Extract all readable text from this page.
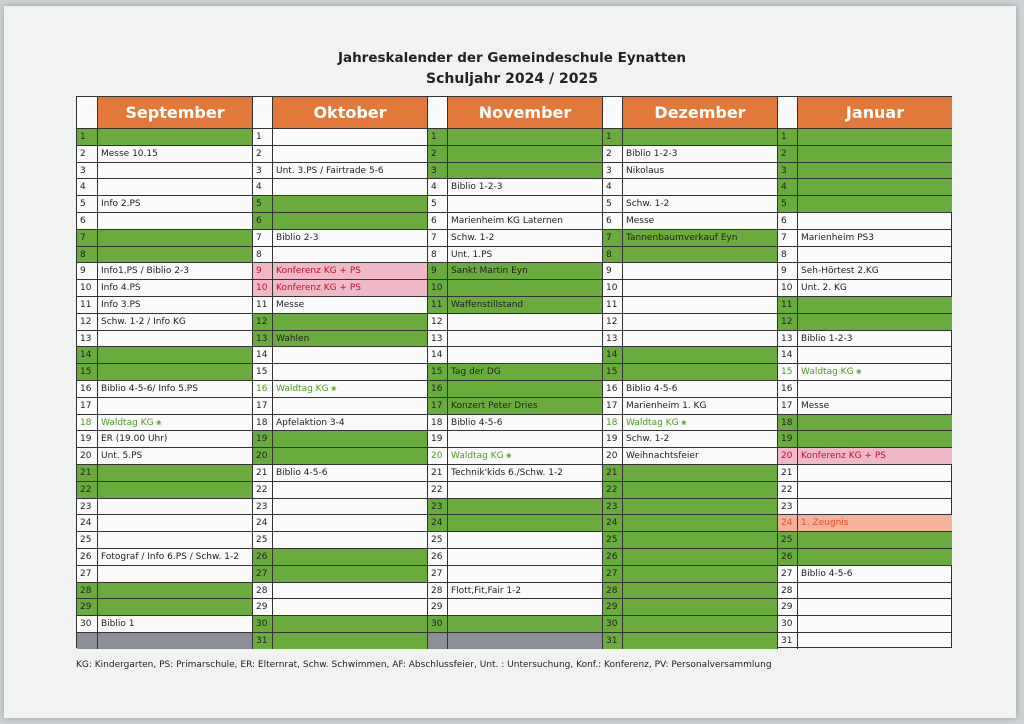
Jahreskalender der Gemeindeschule Eynatten
Schuljahr 2024 / 2025
September
1
2	Messe 10.15
3
4
5	Info 2.PS
6
7
8
9	Info1.PS / Biblio 2-3
10	Info 4.PS
11	Info 3.PS
12	Schw. 1-2 / Info KG
13
14
15
16	Biblio 4-5-6/ Info 5.PS
17
18	Waldtag KG ❀
19	ER (19.00 Uhr)
20	Unt. 5.PS
21
22
23
24
25
26	Fotograf / Info 6.PS / Schw. 1-2
27
28
29
30	Biblio 1
Oktober
1
2
3	Unt. 3.PS / Fairtrade 5-6
4
5
6
7	Biblio 2-3
8
9	Konferenz KG + PS
10 Konferenz KG + PS
11 Messe
12
13 Wahlen
14
15
16 Waldtag KG ❀
17
18 Apfelaktion 3-4
19
20
21 Biblio 4-5-6
22
23
24
25
26
27
28
29
30
31
November
1
2
3
4	Biblio 1-2-3
5
6	Marienheim KG Laternen
7	Schw. 1-2
8	Unt. 1.PS
9	Sankt Martin Eyn
10
11 Waffenstillstand
12
13
14
15 Tag der DG
16
17 Konzert Peter Dries
18 Biblio 4-5-6
19
20 Waldtag KG ❀
21 Technik'kids 6./Schw. 1-2
22
23
24
25
26
27
28 Flott,Fit,Fair 1-2
29
30
Dezember
1
2	Biblio 1-2-3
3	Nikolaus
4
5	Schw. 1-2
6	Messe
7	Tannenbaumverkauf Eyn
8
9
10
11
12
13
14
15
16 Biblio 4-5-6
17 Marienheim 1. KG
18 Waldtag KG ❀
19 Schw. 1-2
20 Weihnachtsfeier
21
22
23
24
25
26
27
28
29
30
31
Januar
1
2
3
4
5
6
7	Marienheim PS3
8
9	Seh-Hörtest 2.KG
10 Unt. 2. KG
11
12
13 Biblio 1-2-3
14
15 Waldtag KG ❀
16
17 Messe
18
19
20 Konferenz KG + PS
21
22
23
24 1. Zeugnis
25
26
27 Biblio 4-5-6
28
29
30
31
KG: Kindergarten, PS: Primarschule, ER: Elternrat, Schw. Schwimmen, AF: Abschlussfeier, Unt. : Untersuchung, Konf.: Konferenz, PV: Personalversammlung
